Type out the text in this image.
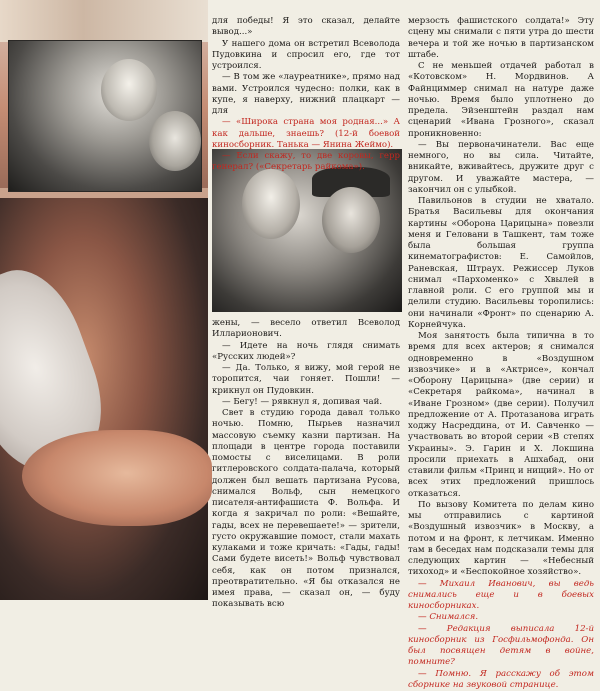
для победы! Я это сказал, делайте вывод...»

У нашего дома он встретил Всеволода Пудовкина и спросил его, где тот устроился.

— В том же «лауреатнике», прямо над вами. Устроился чудесно: полки, как в купе, я наверху, нижний плацкарт — для

— «Широка страна моя родная...» А как дальше, знаешь? (12-й боевой киносборник. Танька — Янина Жеймо).

— Если скажу, то две коровы, герр генерал? («Секретарь райкома»).

жены, — весело ответил Всеволод Илларионович.

— Идете на ночь глядя снимать «Русских людей»?

— Да. Только, я вижу, мой герой не торопится, чаи гоняет. Пошли! — крикнул он Пудовкин.

— Бегу! — рявкнул я, допивая чай.

Свет в студию города давал только ночью. Помню, Пырьев назначил массовую съемку казни партизан. На площади в центре города поставили помосты с виселицами. В роли гитлеровского солдата-палача, который должен был вешать партизана Русова, снимался Вольф, сын немецкого писателя-антифашиста Ф. Вольфа. И когда я закричал по роли: «Вешайте, гады, всех не перевешаете!» — зрители, густо окружавшие помост, стали махать кулаками и тоже кричать: «Гады, гады! Сами будете висеть!» Вольф чувствовал себя, как он потом признался, преотвратительно. «Я бы отказался не имея права, — сказал он, — буду показывать всю

мерзость фашистского солдата!» Эту сцену мы снимали с пяти утра до шести вечера и той же ночью в партизанском штабе.

С не меньшей отдачей работал в «Котовском» Н. Мордвинов. А Файнциммер снимал на натуре даже ночью. Время было уплотнено до предела. Эйзенштейн раздал нам сценарий «Ивана Грозного», сказал проникновенно:

— Вы первоначинатели. Вас еще немного, но вы сила. Читайте, вникайте, вживайтесь, дружите друг с другом. И уважайте мастера, — закончил он с улыбкой.

Павильонов в студии не хватало. Братья Васильевы для окончания картины «Оборона Царицына» повезли меня и Геловани в Ташкент, там тоже была большая группа кинематографистов: Е. Самойлов, Раневская, Штраух. Режиссер Луков снимал «Пархоменко» с Хвылей в главной роли. С его группой мы и делили студию. Васильевы торопились: они начинали «Фронт» по сценарию А. Корнейчука.

Моя занятость была типична в то время для всех актеров; я снимался одновременно в «Воздушном извозчике» и в «Актрисе», кончал «Оборону Царицына» (две серии) и «Секретаря райкома», начинал в «Иване Грозном» (две серии). Получил предложение от А. Протазанова играть ходжу Насреддина, от И. Савченко — участвовать во второй серии «В степях Украины». Э. Гарин и Х. Локшина просили приехать в Ашхабад, они ставили фильм «Принц и нищий». Но от всех этих предложений пришлось отказаться.

По вызову Комитета по делам кино мы отправились с картиной «Воздушный извозчик» в Москву, а потом и на фронт, к летчикам. Именно там в беседах нам подсказали темы для следующих картин — «Небесный тихоход» и «Беспокойное хозяйство».

— Михаил Иванович, вы ведь снимались еще и в боевых киносборниках.

— Снимался.

— Редакция выписала 12-й киносборник из Госфильмофонда. Он был посвящен детям в войне, помните?

— Помню. Я расскажу об этом сборнике на звуковой странице.
